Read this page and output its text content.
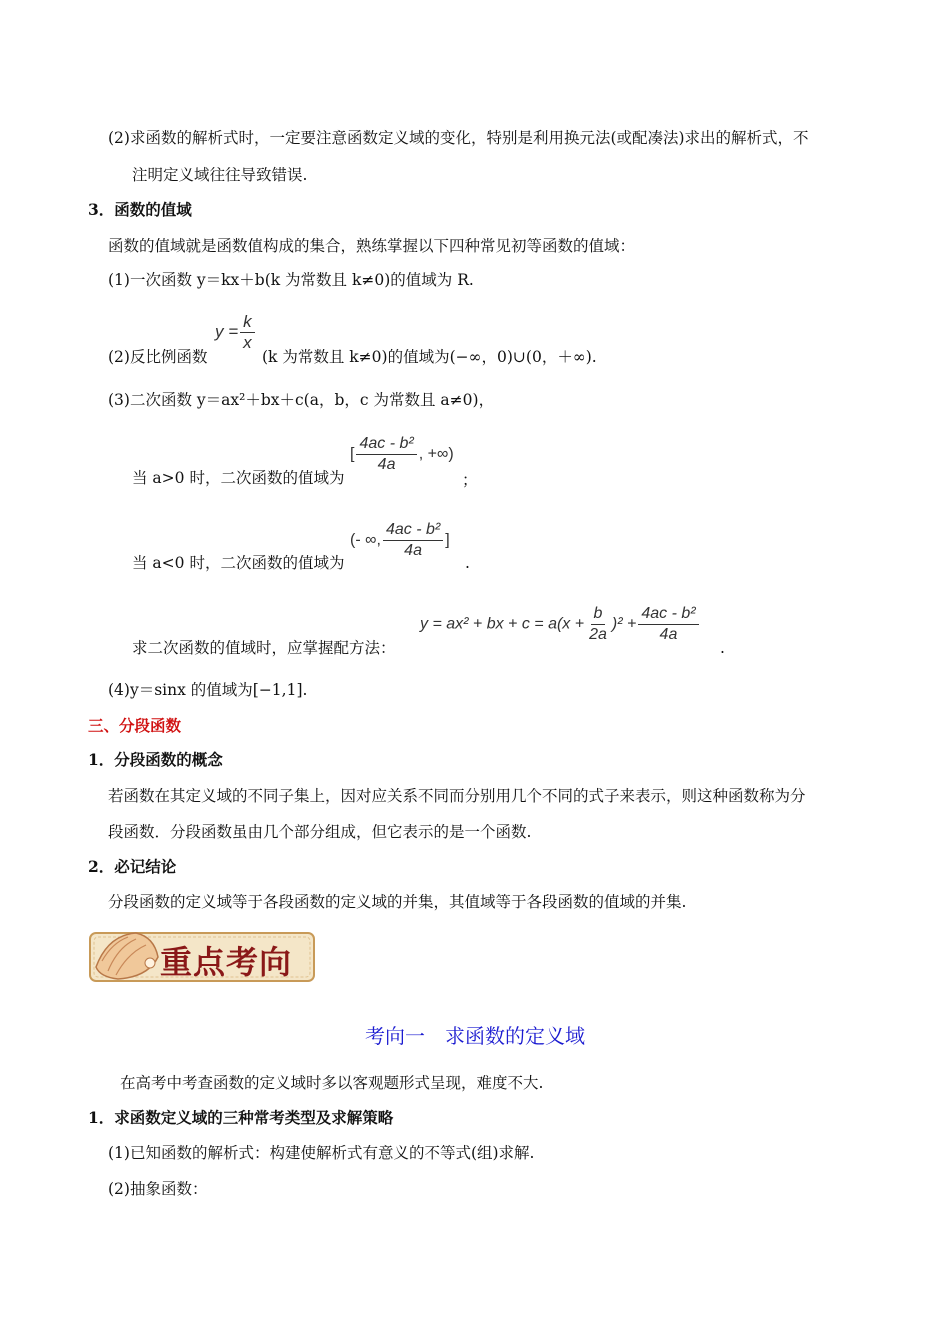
(2)求函数的解析式时，一定要注意函数定义域的变化，特别是利用换元法(或配凑法)求出的解析式，不
注明定义域往往导致错误.
3．函数的值域
函数的值域就是函数值构成的集合，熟练掌握以下四种常见初等函数的值域：
(1)一次函数 y＝kx＋b(k 为常数且 k≠0)的值域为 R.
(2)反比例函数
$y = \frac{k}{x}$
(k 为常数且 k≠0)的值域为(−∞，0)∪(0，＋∞).
(3)二次函数 y＝ax²＋bx＋c(a，b，c 为常数且 a≠0)，
当 a>0 时，二次函数的值域为
[ $\frac{\text{4ac - b²}}{4a}$ , +∞)
；
当 a<0 时，二次函数的值域为
(- ∞, $\frac{\text{4ac - b²}}{4a}$ ]
.
求二次函数的值域时，应掌握配方法：
y = ax² + bx + $c = a(x + \frac{b}{2a} )^2 + \frac{\text{4ac - b²}}{4a}$
.
(4)y＝sinx 的值域为[−1,1].
三、分段函数
1．分段函数的概念
若函数在其定义域的不同子集上，因对应关系不同而分别用几个不同的式子来表示，则这种函数称为分
段函数．分段函数虽由几个部分组成，但它表示的是一个函数.
2．必记结论
分段函数的定义域等于各段函数的定义域的并集，其值域等于各段函数的值域的并集.
重点考向
考向一　求函数的定义域
在高考中考查函数的定义域时多以客观题形式呈现，难度不大.
1．求函数定义域的三种常考类型及求解策略
(1)已知函数的解析式：构建使解析式有意义的不等式(组)求解.
(2)抽象函数：
